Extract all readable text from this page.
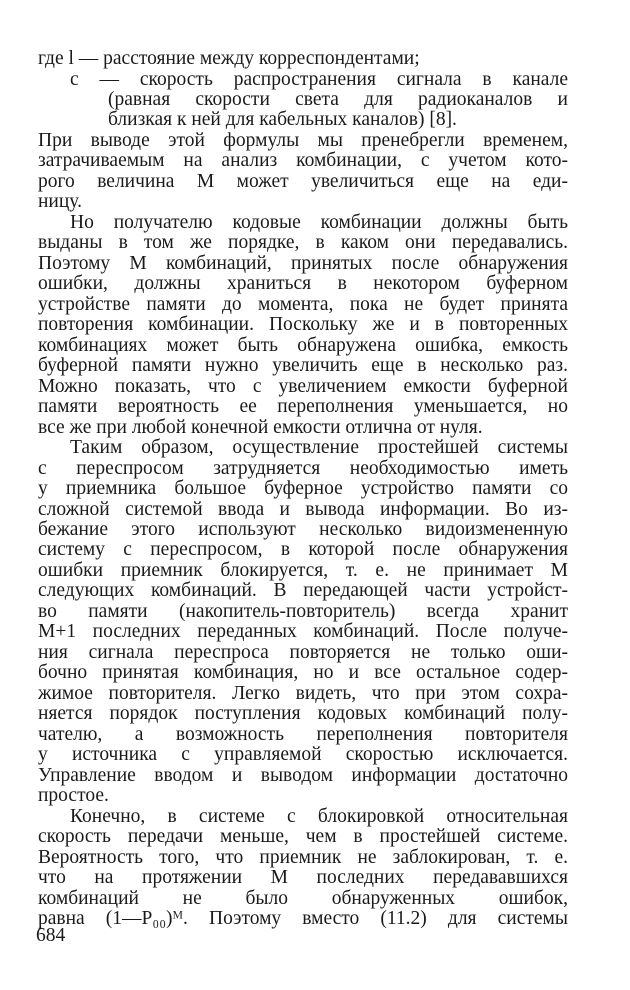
где l — расстояние между корреспондентами;
с — скорость распространения сигнала в канале
(равная скорости света для радиоканалов и
близкая к ней для кабельных каналов) [8].
При выводе этой формулы мы пренебрегли временем,
затрачиваемым на анализ комбинации, с учетом кото-
рого величина М может увеличиться еще на еди-
ницу.
Но получателю кодовые комбинации должны быть
выданы в том же порядке, в каком они передавались.
Поэтому М комбинаций, принятых после обнаружения
ошибки, должны храниться в некотором буферном
устройстве памяти до момента, пока не будет принята
повторения комбинации. Поскольку же и в повторенных
комбинациях может быть обнаружена ошибка, емкость
буферной памяти нужно увеличить еще в несколько раз.
Можно показать, что с увеличением емкости буферной
памяти вероятность ее переполнения уменьшается, но
все же при любой конечной емкости отлична от нуля.
Таким образом, осуществление простейшей системы
с переспросом затрудняется необходимостью иметь
у приемника большое буферное устройство памяти со
сложной системой ввода и вывода информации. Во из-
бежание этого используют несколько видоизмененную
систему с переспросом, в которой после обнаружения
ошибки приемник блокируется, т. е. не принимает М
следующих комбинаций. В передающей части устройст-
во памяти (накопитель-повторитель) всегда хранит
М+1 последних переданных комбинаций. После получе-
ния сигнала переспроса повторяется не только оши-
бочно принятая комбинация, но и все остальное содер-
жимое повторителя. Легко видеть, что при этом сохра-
няется порядок поступления кодовых комбинаций полу-
чателю, а возможность переполнения повторителя
у источника с управляемой скоростью исключается.
Управление вводом и выводом информации достаточно
простое.
Конечно, в системе с блокировкой относительная
скорость передачи меньше, чем в простейшей системе.
Вероятность того, что приемник не заблокирован, т. е.
что на протяжении М последних передававшихся
комбинаций не было обнаруженных ошибок,
равна (1—P₀₀)ᴹ. Поэтому вместо (11.2) для системы
684
